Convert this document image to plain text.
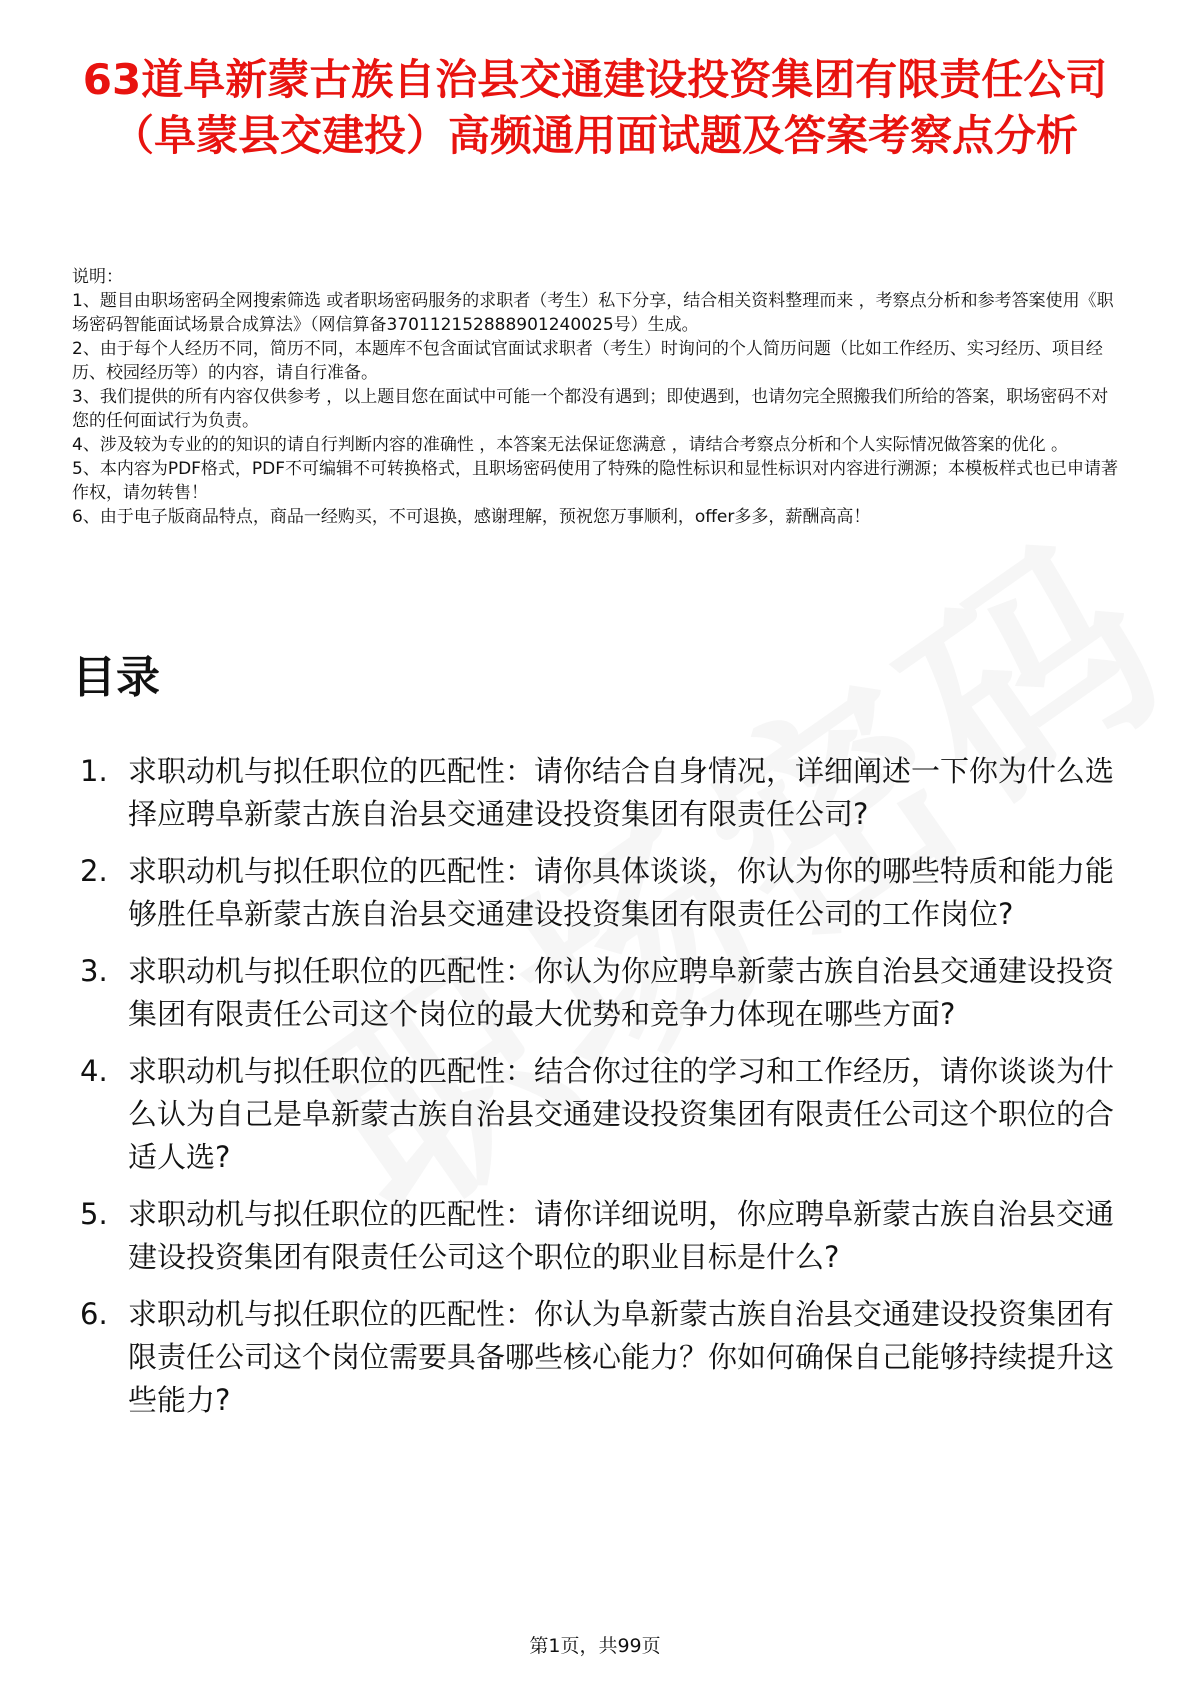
63道阜新蒙古族自治县交通建设投资集团有限责任公司（阜蒙县交建投）高频通用面试题及答案考察点分析

说明：

1、题目由职场密码全网搜索筛选 或者职场密码服务的求职者（考生）私下分享，结合相关资料整理而来 ，考察点分析和参考答案使用《职场密码智能面试场景合成算法》（网信算备370112152888901240025号）生成。

2、由于每个人经历不同，简历不同，本题库不包含面试官面试求职者（考生）时询问的个人简历问题（比如工作经历、实习经历、项目经历、校园经历等）的内容，请自行准备。

3、我们提供的所有内容仅供参考 ，以上题目您在面试中可能一个都没有遇到；即使遇到，也请勿完全照搬我们所给的答案，职场密码不对您的任何面试行为负责。

4、涉及较为专业的的知识的请自行判断内容的准确性 ，本答案无法保证您满意 ，请结合考察点分析和个人实际情况做答案的优化 。

5、本内容为PDF格式，PDF不可编辑不可转换格式，且职场密码使用了特殊的隐性标识和显性标识对内容进行溯源；本模板样式也已申请著作权，请勿转售！

6、由于电子版商品特点，商品一经购买，不可退换，感谢理解，预祝您万事顺利，offer多多，薪酬高高！

目录
1. 求职动机与拟任职位的匹配性：请你结合自身情况，详细阐述一下你为什么选择应聘阜新蒙古族自治县交通建设投资集团有限责任公司?
2. 求职动机与拟任职位的匹配性：请你具体谈谈，你认为你的哪些特质和能力能够胜任阜新蒙古族自治县交通建设投资集团有限责任公司的工作岗位?
3. 求职动机与拟任职位的匹配性：你认为你应聘阜新蒙古族自治县交通建设投资集团有限责任公司这个岗位的最大优势和竞争力体现在哪些方面?
4. 求职动机与拟任职位的匹配性：结合你过往的学习和工作经历，请你谈谈为什么认为自己是阜新蒙古族自治县交通建设投资集团有限责任公司这个职位的合适人选?
5. 求职动机与拟任职位的匹配性：请你详细说明，你应聘阜新蒙古族自治县交通建设投资集团有限责任公司这个职位的职业目标是什么?
6. 求职动机与拟任职位的匹配性：你认为阜新蒙古族自治县交通建设投资集团有限责任公司这个岗位需要具备哪些核心能力？你如何确保自己能够持续提升这些能力?
第1页，共99页
